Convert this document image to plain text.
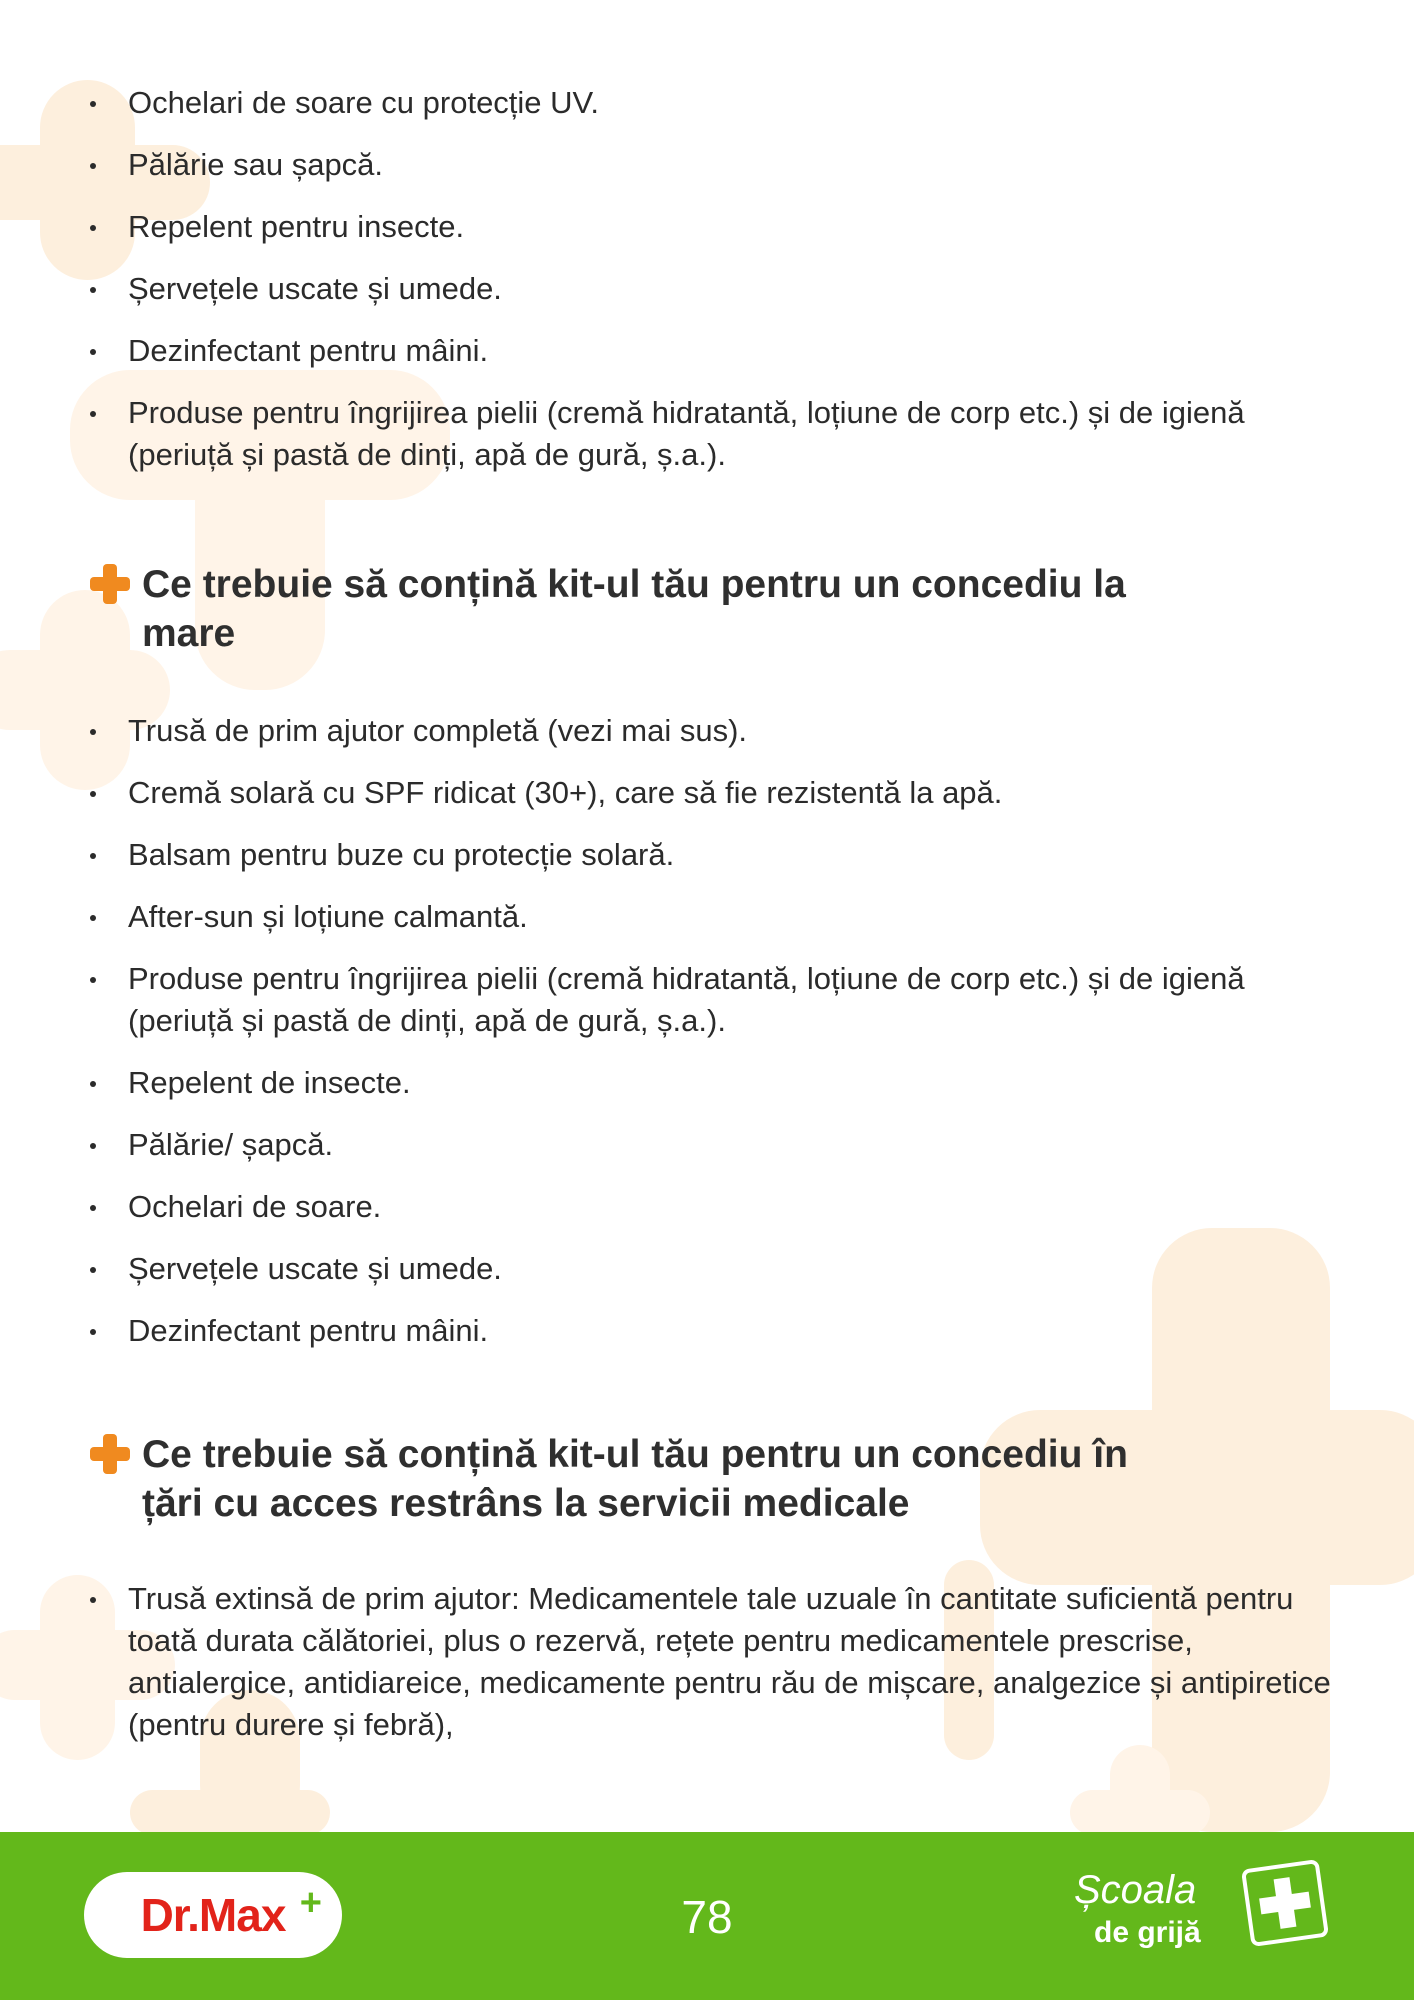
Ochelari de soare cu protecție UV.
Pălărie sau șapcă.
Repelent pentru insecte.
Șervețele uscate și umede.
Dezinfectant pentru mâini.
Produse pentru îngrijirea pielii (cremă hidratantă, loțiune de corp etc.) și de igienă (periuță și pastă de dinți, apă de gură, ș.a.).
Ce trebuie să conțină kit-ul tău pentru un concediu la mare
Trusă de prim ajutor completă (vezi mai sus).
Cremă solară cu SPF ridicat (30+), care să fie rezistentă la apă.
Balsam pentru buze cu protecție solară.
After-sun și loțiune calmantă.
Produse pentru îngrijirea pielii (cremă hidratantă, loțiune de corp etc.) și de igienă (periuță și pastă de dinți, apă de gură, ș.a.).
Repelent de insecte.
Pălărie/ șapcă.
Ochelari de soare.
Șervețele uscate și umede.
Dezinfectant pentru mâini.
Ce trebuie să conțină kit-ul tău pentru un concediu în țări cu acces restrâns la servicii medicale
Trusă extinsă de prim ajutor: Medicamentele tale uzuale în cantitate suficientă pentru toată durata călătoriei, plus o rezervă, rețete pentru medicamentele prescrise, antialergice, antidiareice, medicamente pentru rău de mișcare, analgezice și antipiretice (pentru durere și febră),
Dr.Max +	78
Școala
de grijă
